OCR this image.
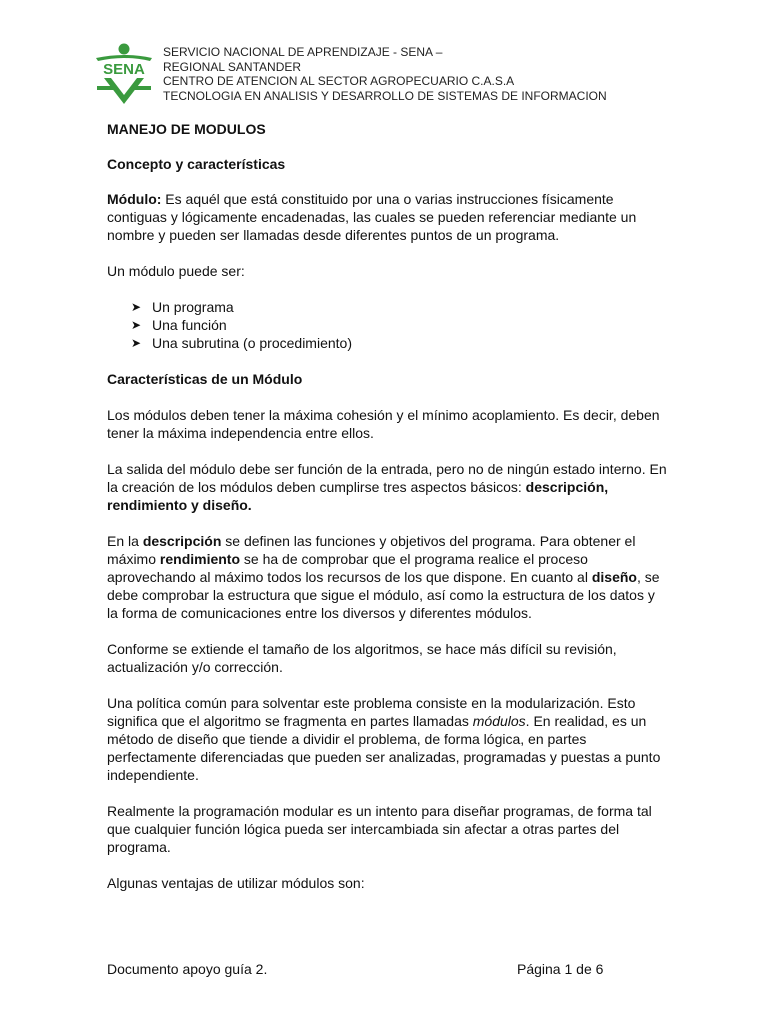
SENA
SERVICIO NACIONAL DE APRENDIZAJE - SENA –
REGIONAL SANTANDER
CENTRO DE ATENCION AL SECTOR AGROPECUARIO C.A.S.A
TECNOLOGIA EN ANALISIS Y DESARROLLO DE SISTEMAS DE INFORMACION

MANEJO DE MODULOS

Concepto y características

Módulo: Es aquél que está constituido por una o varias instrucciones físicamente contiguas y lógicamente encadenadas, las cuales se pueden referenciar mediante un nombre y pueden ser llamadas desde diferentes puntos de un programa.

Un módulo puede ser:

➤ Un programa
➤ Una función
➤ Una subrutina (o procedimiento)

Características de un Módulo

Los módulos deben tener la máxima cohesión y el mínimo acoplamiento. Es decir, deben tener la máxima independencia entre ellos.

La salida del módulo debe ser función de la entrada, pero no de ningún estado interno. En la creación de los módulos deben cumplirse tres aspectos básicos: descripción, rendimiento y diseño.

En la descripción se definen las funciones y objetivos del programa. Para obtener el máximo rendimiento se ha de comprobar que el programa realice el proceso aprovechando al máximo todos los recursos de los que dispone. En cuanto al diseño, se debe comprobar la estructura que sigue el módulo, así como la estructura de los datos y la forma de comunicaciones entre los diversos y diferentes módulos.

Conforme se extiende el tamaño de los algoritmos, se hace más difícil su revisión, actualización y/o corrección.

Una política común para solventar este problema consiste en la modularización. Esto significa que el algoritmo se fragmenta en partes llamadas módulos. En realidad, es un método de diseño que tiende a dividir el problema, de forma lógica, en partes perfectamente diferenciadas que pueden ser analizadas, programadas y puestas a punto independiente.

Realmente la programación modular es un intento para diseñar programas, de forma tal que cualquier función lógica pueda ser intercambiada sin afectar a otras partes del programa.

Algunas ventajas de utilizar módulos son:

Documento apoyo guía 2.	Página 1 de 6
